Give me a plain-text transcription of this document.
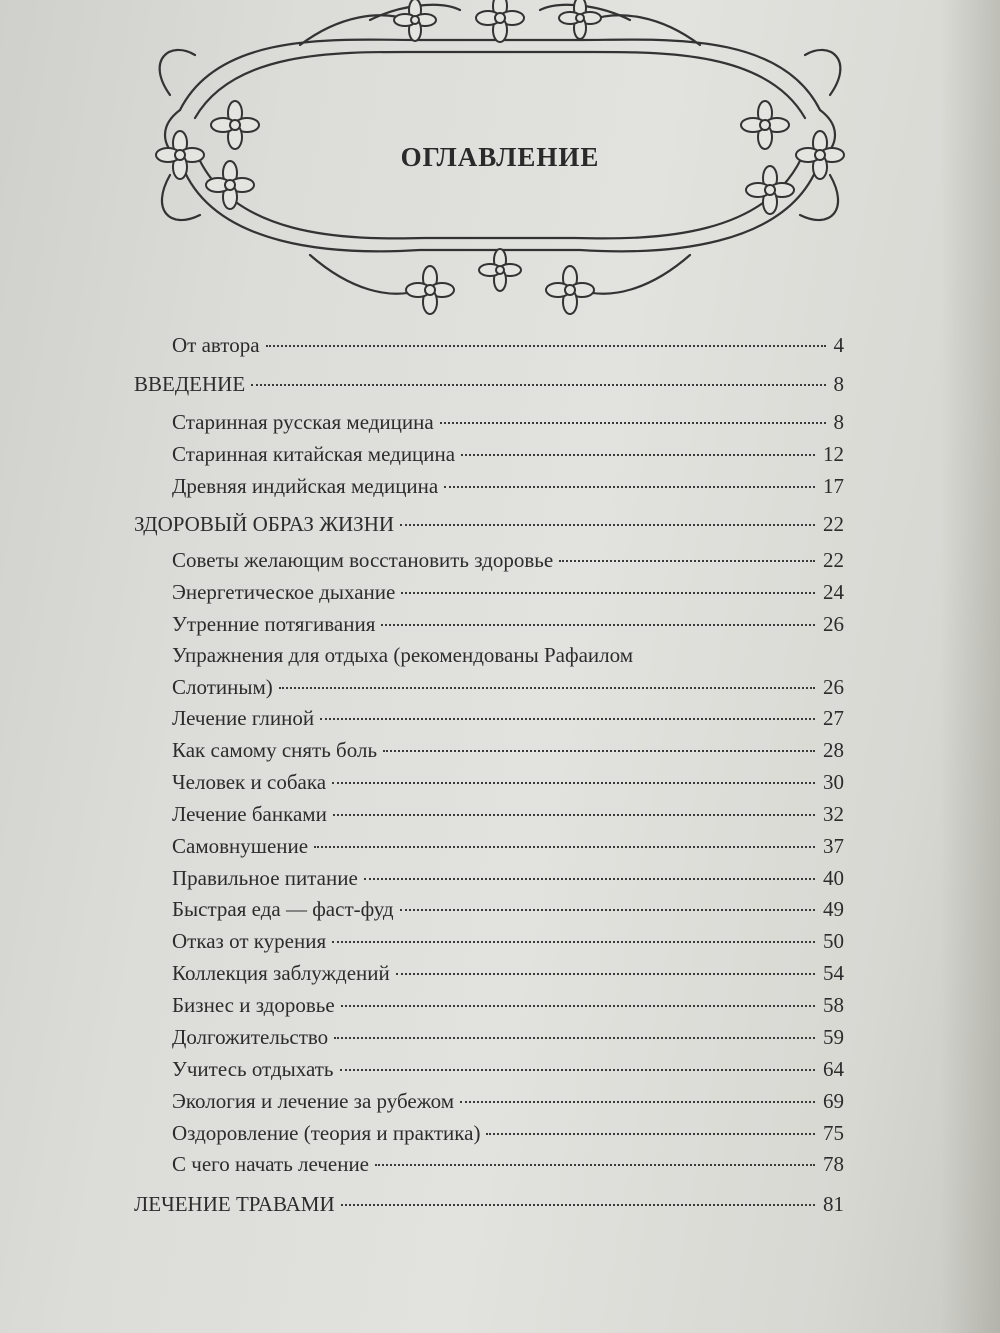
ОГЛАВЛЕНИЕ
От автора	4
ВВЕДЕНИЕ	8
Старинная русская медицина	8
Старинная китайская медицина	12
Древняя индийская медицина	17
ЗДОРОВЫЙ ОБРАЗ ЖИЗНИ	22
Советы желающим восстановить здоровье	22
Энергетическое дыхание	24
Утренние потягивания	26
Упражнения для отдыха (рекомендованы Рафаилом
Слотиным)	26
Лечение глиной	27
Как самому снять боль	28
Человек и собака	30
Лечение банками	32
Самовнушение	37
Правильное питание	40
Быстрая еда — фаст-фуд	49
Отказ от курения	50
Коллекция заблуждений	54
Бизнес и здоровье	58
Долгожительство	59
Учитесь отдыхать	64
Экология и лечение за рубежом	69
Оздоровление (теория и практика)	75
С чего начать лечение	78
ЛЕЧЕНИЕ ТРАВАМИ	81
